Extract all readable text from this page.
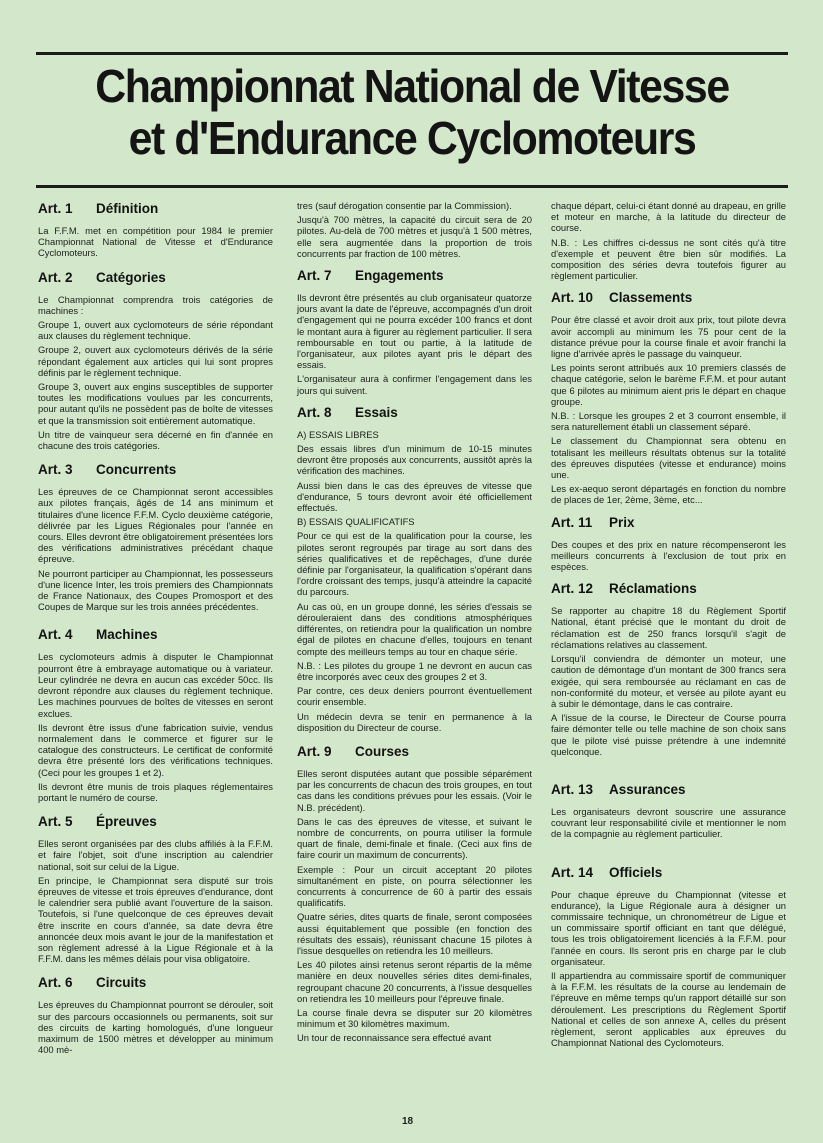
Championnat National de Vitesse
et d'Endurance Cyclomoteurs
Art. 1 Définition
La F.F.M. met en compétition pour 1984 le premier Championnat National de Vitesse et d'Endurance Cyclomoteurs.
Art. 2 Catégories
Le Championnat comprendra trois catégories de machines :
Groupe 1, ouvert aux cyclomoteurs de série répondant aux clauses du règlement technique.
Groupe 2, ouvert aux cyclomoteurs dérivés de la série répondant également aux articles qui lui sont propres définis par le règlement technique.
Groupe 3, ouvert aux engins susceptibles de supporter toutes les modifications voulues par les concurrents, pour autant qu'ils ne possèdent pas de boîte de vitesses et que la transmission soit entièrement automatique.
Un titre de vainqueur sera décerné en fin d'année en chacune des trois catégories.
Art. 3 Concurrents
Les épreuves de ce Championnat seront accessibles aux pilotes français, âgés de 14 ans minimum et titulaires d'une licence F.F.M. Cyclo deuxième catégorie, délivrée par les Ligues Régionales pour l'année en cours. Elles devront être obligatoirement présentées lors des vérifications administratives précédant chaque épreuve.
Ne pourront participer au Championnat, les possesseurs d'une licence Inter, les trois premiers des Championnats de France Nationaux, des Coupes Promosport et des Coupes de Marque sur les trois années précédentes.
Art. 4 Machines
Les cyclomoteurs admis à disputer le Championnat pourront être à embrayage automatique ou à variateur. Leur cylindrée ne devra en aucun cas excéder 50cc. Ils devront répondre aux clauses du règlement technique. Les machines pourvues de boîtes de vitesses en seront exclues.
Ils devront être issus d'une fabrication suivie, vendus normalement dans le commerce et figurer sur le catalogue des constructeurs. Le certificat de conformité devra être présenté lors des vérifications techniques. (Ceci pour les groupes 1 et 2).
Ils devront être munis de trois plaques réglementaires portant le numéro de course.
Art. 5 Épreuves
Elles seront organisées par des clubs affiliés à la F.F.M. et faire l'objet, soit d'une inscription au calendrier national, soit sur celui de la Ligue.
En principe, le Championnat sera disputé sur trois épreuves de vitesse et trois épreuves d'endurance, dont le calendrier sera publié avant l'ouverture de la saison. Toutefois, si l'une quelconque de ces épreuves devait être inscrite en cours d'année, sa date devra être annoncée deux mois avant le jour de la manifestation et son règlement adressé à la Ligue Régionale et à la F.F.M. dans les mêmes délais pour visa obligatoire.
Art. 6 Circuits
Les épreuves du Championnat pourront se dérouler, soit sur des parcours occasionnels ou permanents, soit sur des circuits de karting homologués, d'une longueur maximum de 1500 mètres et développer au minimum 400 mè-
tres (sauf dérogation consentie par la Commission).
Jusqu'à 700 mètres, la capacité du circuit sera de 20 pilotes. Au-delà de 700 mètres et jusqu'à 1 500 mètres, elle sera augmentée dans la proportion de trois concurrents par fraction de 100 mètres.
Art. 7 Engagements
Ils devront être présentés au club organisateur quatorze jours avant la date de l'épreuve, accompagnés d'un droit d'engagement qui ne pourra excéder 100 francs et dont le montant aura à figurer au règlement particulier. Il sera remboursable en tout ou partie, à la latitude de l'organisateur, aux pilotes ayant pris le départ des essais.
L'organisateur aura à confirmer l'engagement dans les jours qui suivent.
Art. 8 Essais
A) ESSAIS LIBRES
Des essais libres d'un minimum de 10-15 minutes devront être proposés aux concurrents, aussitôt après la vérification des machines.
Aussi bien dans le cas des épreuves de vitesse que d'endurance, 5 tours devront avoir été officiellement effectués.
B) ESSAIS QUALIFICATIFS
Pour ce qui est de la qualification pour la course, les pilotes seront regroupés par tirage au sort dans des séries qualificatives et de repêchages, d'une durée définie par l'organisateur, la qualification s'opérant dans l'ordre croissant des temps, jusqu'à atteindre la capacité du parcours.
Au cas où, en un groupe donné, les séries d'essais se dérouleraient dans des conditions atmosphériques différentes, on retiendra pour la qualification un nombre égal de pilotes en chacune d'elles, toujours en tenant compte des meilleurs temps au tour en chaque série.
N.B. : Les pilotes du groupe 1 ne devront en aucun cas être incorporés avec ceux des groupes 2 et 3.
Par contre, ces deux deniers pourront éventuellement courir ensemble.
Un médecin devra se tenir en permanence à la disposition du Directeur de course.
Art. 9 Courses
Elles seront disputées autant que possible séparément par les concurrents de chacun des trois groupes, en tout cas dans les conditions prévues pour les essais. (Voir le N.B. précédent).
Dans le cas des épreuves de vitesse, et suivant le nombre de concurrents, on pourra utiliser la formule quart de finale, demi-finale et finale. (Ceci aux fins de faire courir un maximum de concurrents).
Exemple : Pour un circuit acceptant 20 pilotes simultanément en piste, on pourra sélectionner les concurrents à concurrence de 60 à partir des essais qualificatifs.
Quatre séries, dites quarts de finale, seront composées aussi équitablement que possible (en fonction des résultats des essais), réunissant chacune 15 pilotes à l'issue desquelles on retiendra les 10 meilleurs.
Les 40 pilotes ainsi retenus seront répartis de la même manière en deux nouvelles séries dites demi-finales, regroupant chacune 20 concurrents, à l'issue desquelles on retiendra les 10 meilleurs pour l'épreuve finale.
La course finale devra se disputer sur 20 kilomètres minimum et 30 kilomètres maximum.
Un tour de reconnaissance sera effectué avant
chaque départ, celui-ci étant donné au drapeau, en grille et moteur en marche, à la latitude du directeur de course.
N.B. : Les chiffres ci-dessus ne sont cités qu'à titre d'exemple et peuvent être bien sûr modifiés. La composition des séries devra toutefois figurer au règlement particulier.
Art. 10 Classements
Pour être classé et avoir droit aux prix, tout pilote devra avoir accompli au minimum les 75 pour cent de la distance prévue pour la course finale et avoir franchi la ligne d'arrivée après le passage du vainqueur.
Les points seront attribués aux 10 premiers classés de chaque catégorie, selon le barème F.F.M. et pour autant que 6 pilotes au minimum aient pris le départ en chaque groupe.
N.B. : Lorsque les groupes 2 et 3 courront ensemble, il sera naturellement établi un classement séparé.
Le classement du Championnat sera obtenu en totalisant les meilleurs résultats obtenus sur la totalité des épreuves disputées (vitesse et endurance) moins une.
Les ex-aequo seront départagés en fonction du nombre de places de 1er, 2ème, 3ème, etc...
Art. 11 Prix
Des coupes et des prix en nature récompenseront les meilleurs concurrents à l'exclusion de tout prix en espèces.
Art. 12 Réclamations
Se rapporter au chapitre 18 du Règlement Sportif National, étant précisé que le montant du droit de réclamation est de 250 francs lorsqu'il s'agit de réclamations relatives au classement.
Lorsqu'il conviendra de démonter un moteur, une caution de démontage d'un montant de 300 francs sera exigée, qui sera remboursée au réclamant en cas de non-conformité du moteur, et versée au pilote ayant eu à subir le démontage, dans le cas contraire.
A l'issue de la course, le Directeur de Course pourra faire démonter telle ou telle machine de son choix sans que le pilote visé puisse prétendre à une indemnité quelconque.
Art. 13 Assurances
Les organisateurs devront souscrire une assurance couvrant leur responsabilité civile et mentionner le nom de la compagnie au règlement particulier.
Art. 14 Officiels
Pour chaque épreuve du Championnat (vitesse et endurance), la Ligue Régionale aura à désigner un commissaire technique, un chronométreur de Ligue et un commissaire sportif officiant en tant que délégué, tous les trois obligatoirement licenciés à la F.F.M. pour l'année en cours. Ils seront pris en charge par le club organisateur.
Il appartiendra au commissaire sportif de communiquer à la F.F.M. les résultats de la course au lendemain de l'épreuve en même temps qu'un rapport détaillé sur son déroulement. Les prescriptions du Règlement Sportif National et celles de son annexe A, celles du présent règlement, seront applicables aux épreuves du Championnat National des Cyclomoteurs.
18
